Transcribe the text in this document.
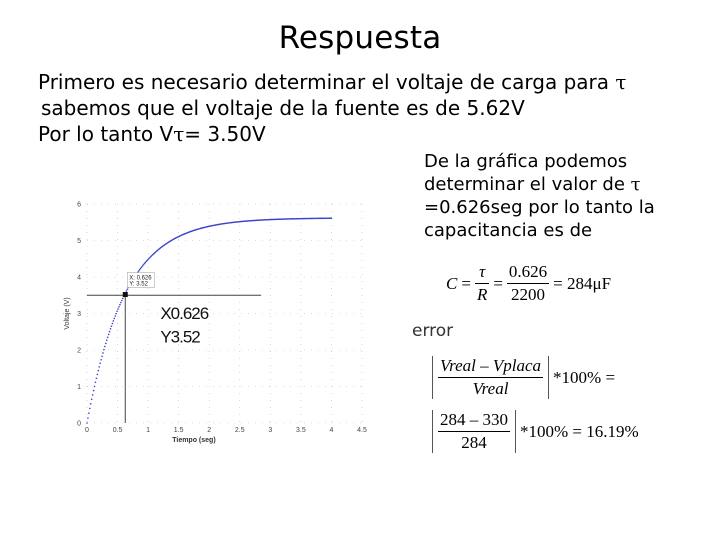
Respuesta
Primero es necesario determinar el voltaje de carga para τ
sabemos que el voltaje de la fuente es de 5.62V
Por lo tanto Vτ= 3.50V
De la gráfica podemos
determinar el valor de τ
=0.626seg por lo tanto la
capacitancia es de
$C = \frac{\tau}{R} = \frac{0.626}{2200} = 284\mu F$
error
$\frac{\text{Vreal – Vplaca}}{\text{Vreal}} *100\%$ =
$\frac{284 - 330}{284} *100\% = 16.19\%$
0	0.5	1	1.5	2	2.5	3	3.5	4	4.5
0
1
2
3
4
5
6
Tiempo (seg)
Voltaje (V)
X: 0.626
Y: 3.52
X0.626
Y3.52
